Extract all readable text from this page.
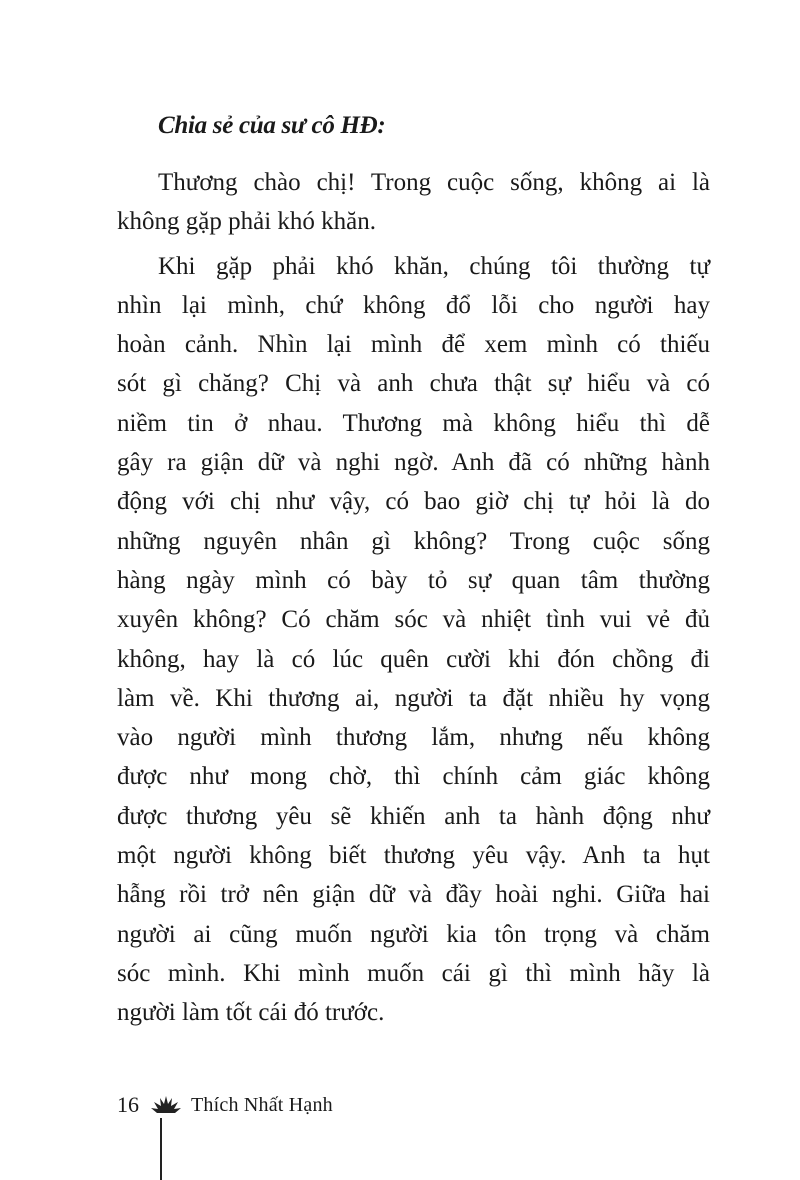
Chia sẻ của sư cô HĐ:
Thương chào chị! Trong cuộc sống, không ai là
không gặp phải khó khăn.
Khi gặp phải khó khăn, chúng tôi thường tự
nhìn lại mình, chứ không đổ lỗi cho người hay
hoàn cảnh. Nhìn lại mình để xem mình có thiếu
sót gì chăng? Chị và anh chưa thật sự hiểu và có
niềm tin ở nhau. Thương mà không hiểu thì dễ
gây ra giận dữ và nghi ngờ. Anh đã có những hành
động với chị như vậy, có bao giờ chị tự hỏi là do
những nguyên nhân gì không? Trong cuộc sống
hàng ngày mình có bày tỏ sự quan tâm thường
xuyên không? Có chăm sóc và nhiệt tình vui vẻ đủ
không, hay là có lúc quên cười khi đón chồng đi
làm về. Khi thương ai, người ta đặt nhiều hy vọng
vào người mình thương lắm, nhưng nếu không
được như mong chờ, thì chính cảm giác không
được thương yêu sẽ khiến anh ta hành động như
một người không biết thương yêu vậy. Anh ta hụt
hẫng rồi trở nên giận dữ và đầy hoài nghi. Giữa hai
người ai cũng muốn người kia tôn trọng và chăm
sóc mình. Khi mình muốn cái gì thì mình hãy là
người làm tốt cái đó trước.
16	Thích Nhất Hạnh
